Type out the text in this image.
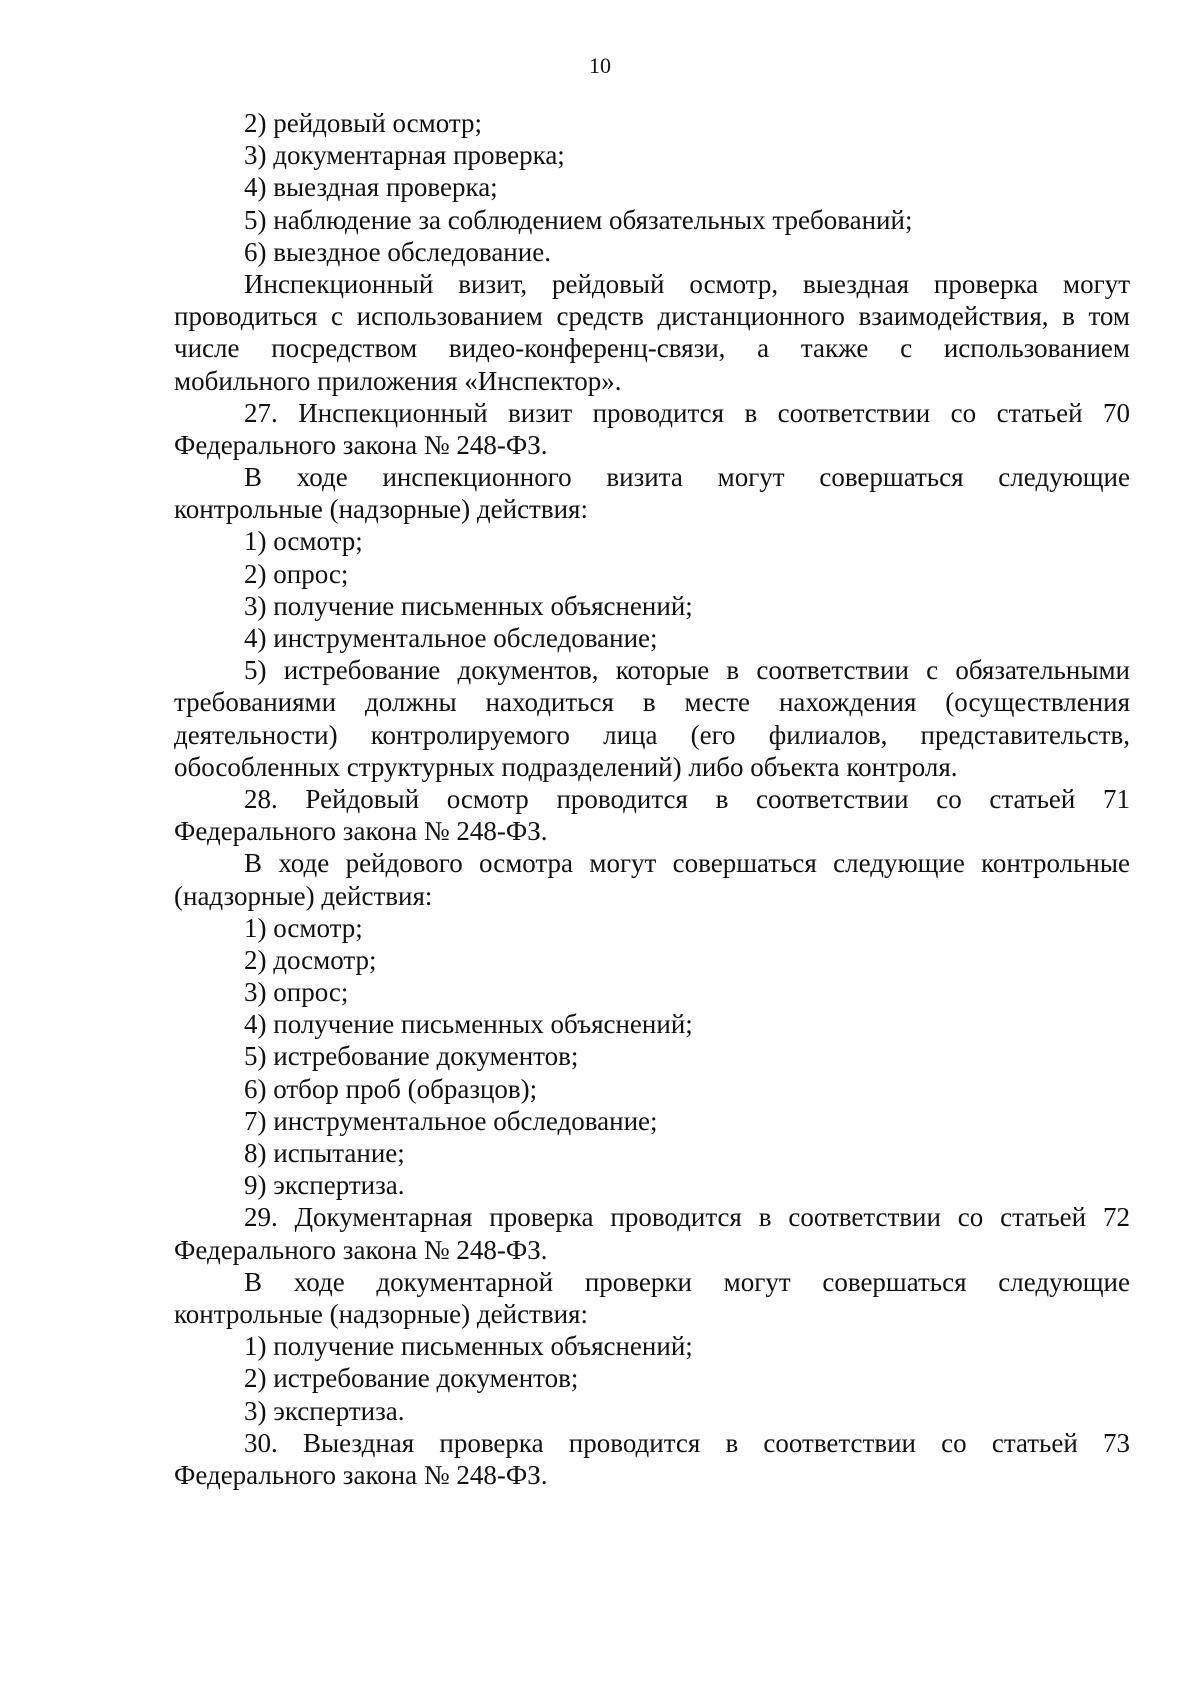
10
2) рейдовый осмотр;
3) документарная проверка;
4) выездная проверка;
5) наблюдение за соблюдением обязательных требований;
6) выездное обследование.
Инспекционный визит, рейдовый осмотр, выездная проверка могут
проводиться с использованием средств дистанционного взаимодействия, в том
числе посредством видео-конференц-связи, а также с использованием
мобильного приложения «Инспектор».
27. Инспекционный визит проводится в соответствии со статьей 70
Федерального закона № 248-ФЗ.
В ходе инспекционного визита могут совершаться следующие
контрольные (надзорные) действия:
1) осмотр;
2) опрос;
3) получение письменных объяснений;
4) инструментальное обследование;
5) истребование документов, которые в соответствии с обязательными
требованиями должны находиться в месте нахождения (осуществления
деятельности) контролируемого лица (его филиалов, представительств,
обособленных структурных подразделений) либо объекта контроля.
28. Рейдовый осмотр проводится в соответствии со статьей 71
Федерального закона № 248-ФЗ.
В ходе рейдового осмотра могут совершаться следующие контрольные
(надзорные) действия:
1) осмотр;
2) досмотр;
3) опрос;
4) получение письменных объяснений;
5) истребование документов;
6) отбор проб (образцов);
7) инструментальное обследование;
8) испытание;
9) экспертиза.
29. Документарная проверка проводится в соответствии со статьей 72
Федерального закона № 248-ФЗ.
В ходе документарной проверки могут совершаться следующие
контрольные (надзорные) действия:
1) получение письменных объяснений;
2) истребование документов;
3) экспертиза.
30. Выездная проверка проводится в соответствии со статьей 73
Федерального закона № 248-ФЗ.
